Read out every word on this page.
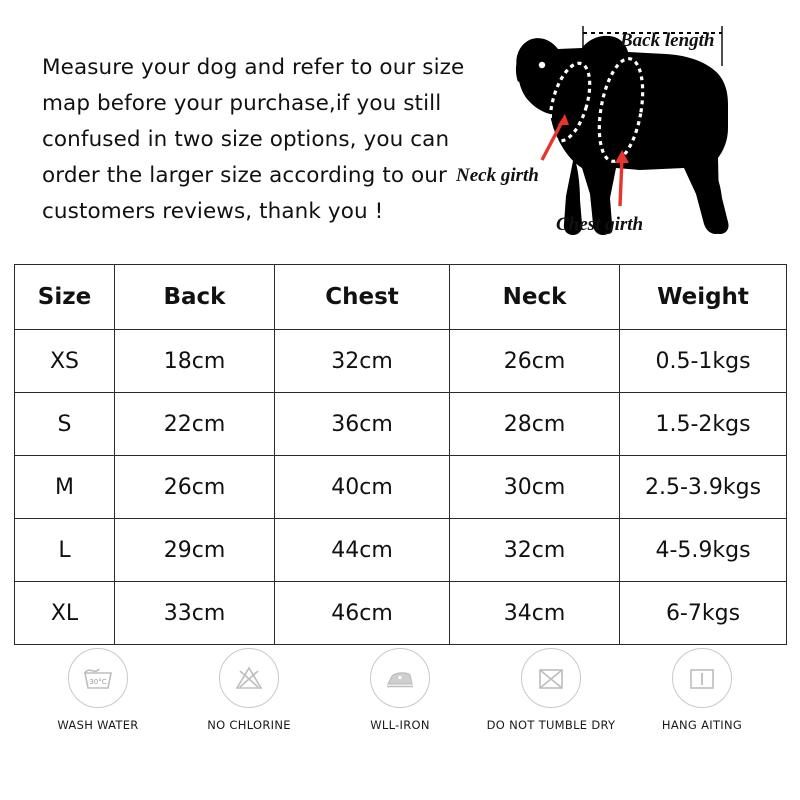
Measure your dog and refer to our size map before your purchase,if you still confused in two size options, you can order the larger size according to our customers reviews, thank you !
Back length
Neck girth
Chest girth
Size	Back	Chest	Neck	Weight
XS	18cm	32cm	26cm	0.5-1kgs
S	22cm	36cm	28cm	1.5-2kgs
M	26cm	40cm	30cm	2.5-3.9kgs
L	29cm	44cm	32cm	4-5.9kgs
XL	33cm	46cm	34cm	6-7kgs
30°C
WASH WATER	NO CHLORINE	WLL-IRON	DO NOT TUMBLE DRY	HANG AITING
